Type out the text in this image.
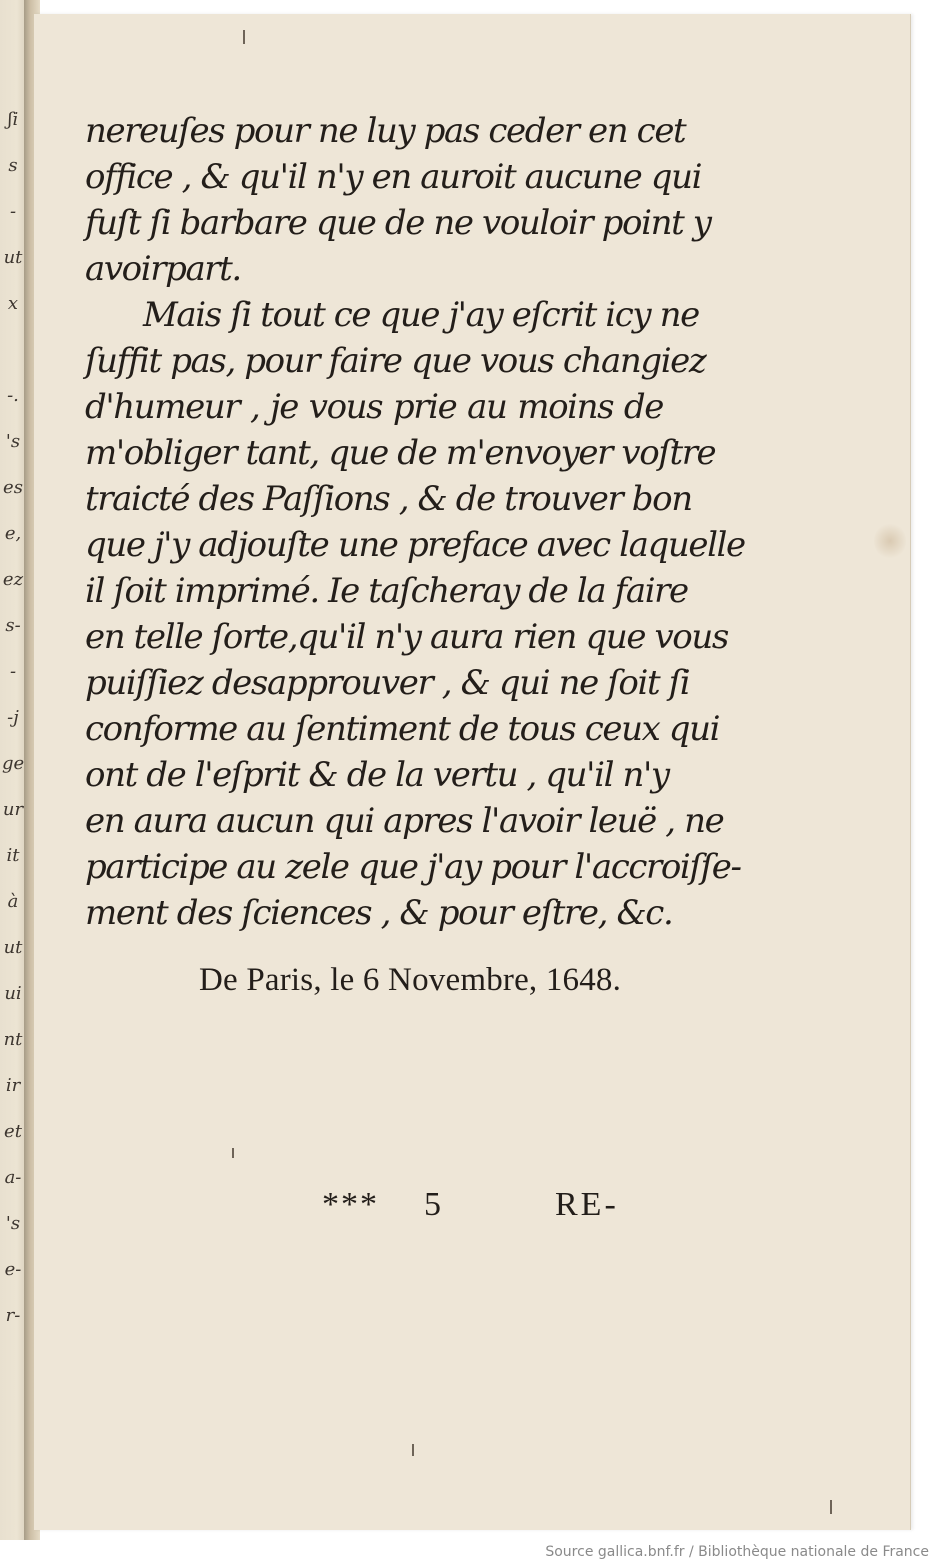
ʃi
s
-
ut
x
-.
's
es
e,
ez
s-
-
-j
ge
ur
it
à
ut
ui
nt
ir
et
a-
's
e-
r-
nereuſes pour ne luy pas ceder en cet
office , & qu'il n'y en auroit aucune qui
fuſt ſi barbare que de ne vouloir point y
avoirpart.
Mais ſi tout ce que j'ay eſcrit icy ne
ſuffit pas, pour faire que vous changiez
d'humeur , je vous prie au moins de
m'obliger tant, que de m'envoyer voſtre
traicté des Paſſions , & de trouver bon
que j'y adjouſte une preface avec laquelle
il ſoit imprimé. Ie taſcheray de la faire
en telle ſorte,qu'il n'y aura rien que vous
puiſſiez desapprouver , & qui ne ſoit ſi
conforme au ſentiment de tous ceux qui
ont de l'eſprit & de la vertu , qu'il n'y
en aura aucun qui apres l'avoir leuë , ne
participe au zele que j'ay pour l'accroiſſe-
ment des ſciences , & pour eſtre, &c.
De Paris, le 6 Novembre, 1648.
*** 5	RE-
Source gallica.bnf.fr / Bibliothèque nationale de France
